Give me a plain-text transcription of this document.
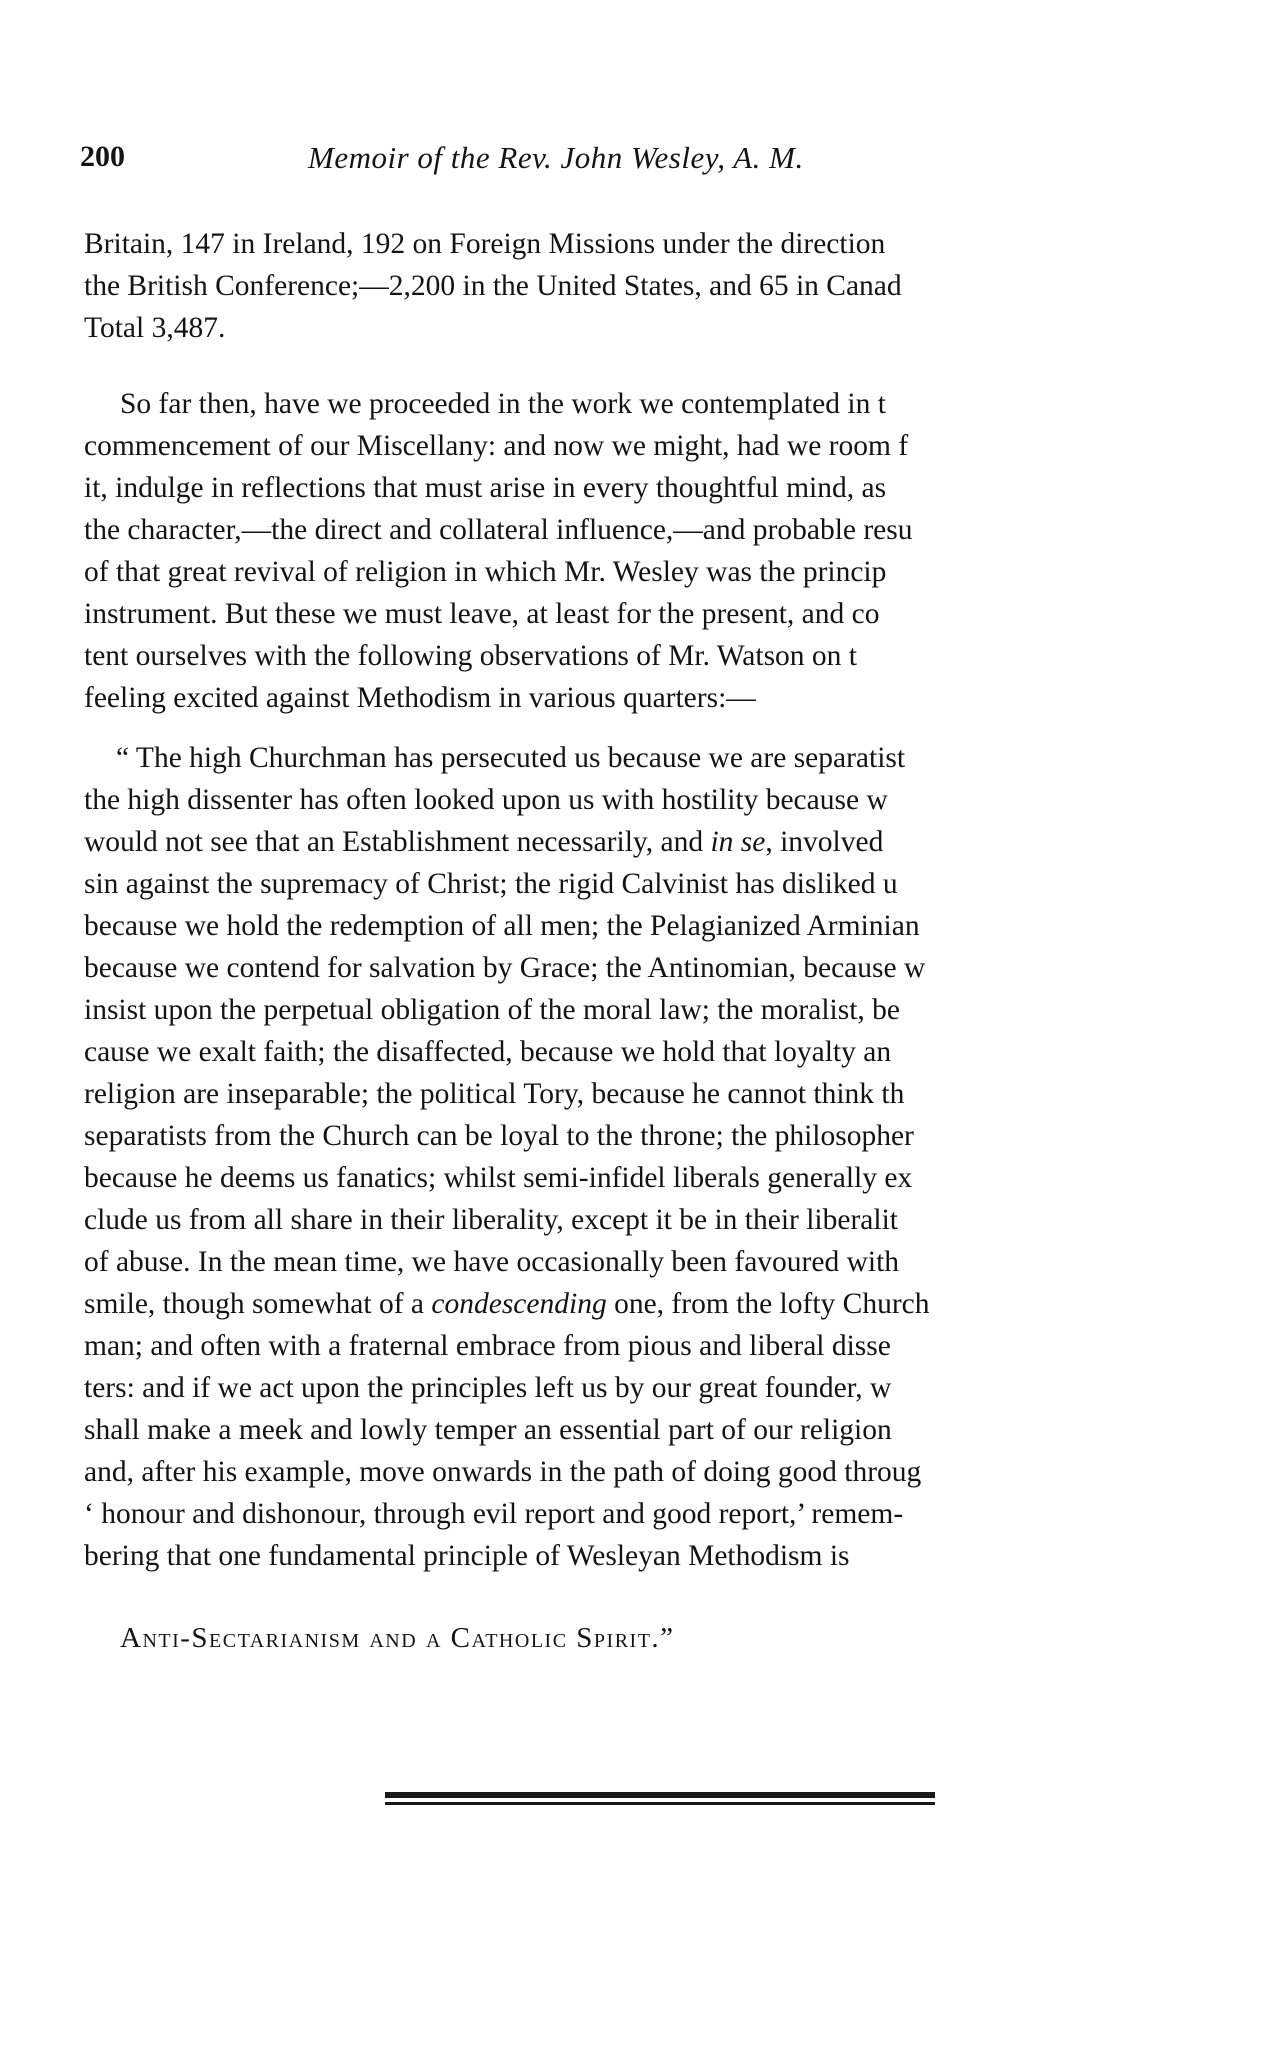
200	Memoir of the Rev. John Wesley, A. M.
Britain, 147 in Ireland, 192 on Foreign Missions under the direction
the British Conference;—2,200 in the United States, and 65 in Canad
Total 3,487.
So far then, have we proceeded in the work we contemplated in t
commencement of our Miscellany: and now we might, had we room f
it, indulge in reflections that must arise in every thoughtful mind, as
the character,—the direct and collateral influence,—and probable resu
of that great revival of religion in which Mr. Wesley was the princip
instrument. But these we must leave, at least for the present, and co
tent ourselves with the following observations of Mr. Watson on t
feeling excited against Methodism in various quarters:—
“ The high Churchman has persecuted us because we are separatist
the high dissenter has often looked upon us with hostility because w
would not see that an Establishment necessarily, and in se, involved
sin against the supremacy of Christ; the rigid Calvinist has disliked u
because we hold the redemption of all men; the Pelagianized Arminian
because we contend for salvation by Grace; the Antinomian, because w
insist upon the perpetual obligation of the moral law; the moralist, be
cause we exalt faith; the disaffected, because we hold that loyalty an
religion are inseparable; the political Tory, because he cannot think th
separatists from the Church can be loyal to the throne; the philosopher
because he deems us fanatics; whilst semi-infidel liberals generally ex
clude us from all share in their liberality, except it be in their liberalit
of abuse. In the mean time, we have occasionally been favoured with
smile, though somewhat of a condescending one, from the lofty Church
man; and often with a fraternal embrace from pious and liberal disse
ters: and if we act upon the principles left us by our great founder, w
shall make a meek and lowly temper an essential part of our religion
and, after his example, move onwards in the path of doing good throug
‘ honour and dishonour, through evil report and good report,’ remem-
bering that one fundamental principle of Wesleyan Methodism is
Anti-Sectarianism and a Catholic Spirit.”
